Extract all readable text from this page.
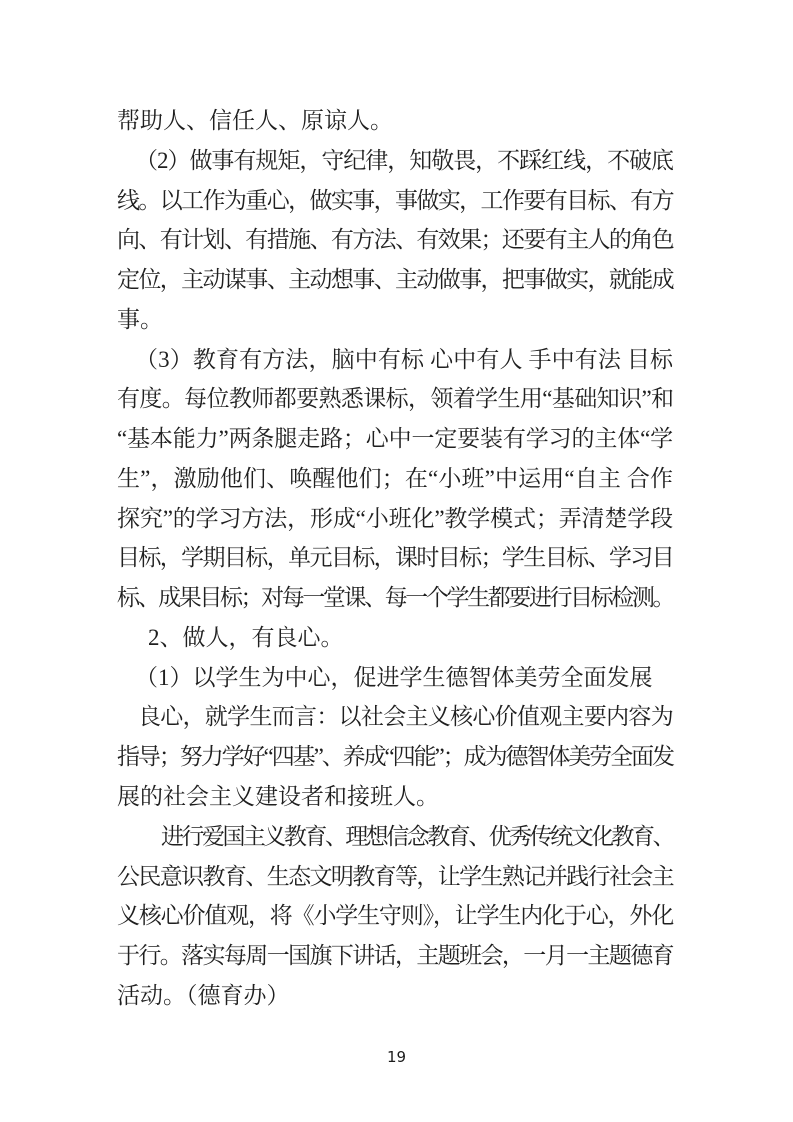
帮助人、信任人、原谅人。
（2）做事有规矩，守纪律，知敬畏，不踩红线，不破底
线。以工作为重心，做实事，事做实，工作要有目标、有方
向、有计划、有措施、有方法、有效果；还要有主人的角色
定位，主动谋事、主动想事、主动做事，把事做实，就能成
事。
（3）教育有方法，脑中有标 心中有人 手中有法 目标
有度。每位教师都要熟悉课标，领着学生用“基础知识”和
“基本能力”两条腿走路；心中一定要装有学习的主体“学
生”，激励他们、唤醒他们；在“小班”中运用“自主 合作
探究”的学习方法，形成“小班化”教学模式；弄清楚学段
目标，学期目标，单元目标，课时目标；学生目标、学习目
标、成果目标；对每一堂课、每一个学生都要进行目标检测。
2、做人，有良心。
（1）以学生为中心，促进学生德智体美劳全面发展
良心，就学生而言：以社会主义核心价值观主要内容为
指导；努力学好“四基”、养成“四能”；成为德智体美劳全面发
展的社会主义建设者和接班人。
进行爱国主义教育、理想信念教育、优秀传统文化教育、
公民意识教育、生态文明教育等，让学生熟记并践行社会主
义核心价值观，将《小学生守则》，让学生内化于心，外化
于行。落实每周一国旗下讲话，主题班会，一月一主题德育
活动。（德育办）
19
